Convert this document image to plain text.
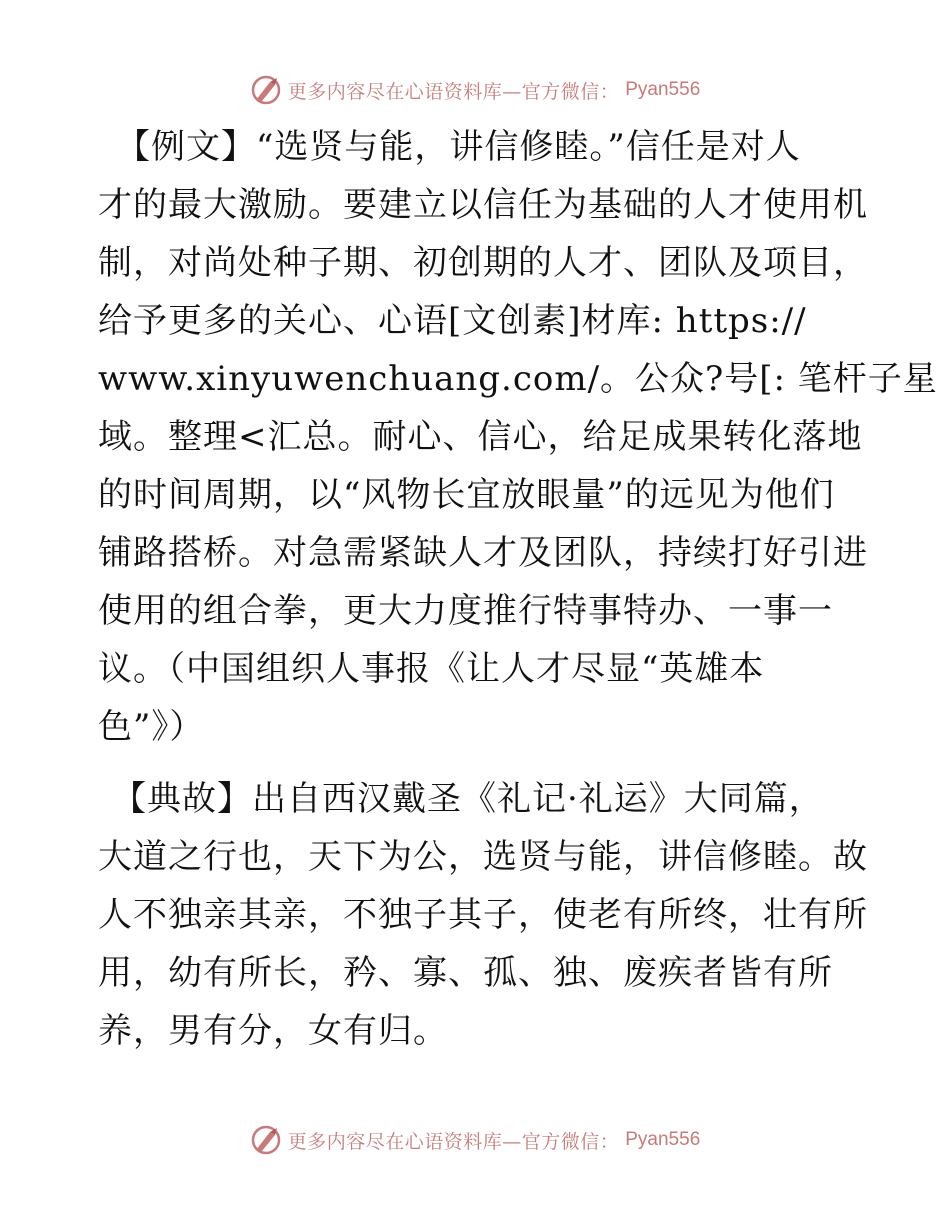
更多内容尽在心语资料库—官方微信： Pyan556

【例文】“选贤与能，讲信修睦。”信任是对人
才的最大激励。要建立以信任为基础的人才使用机
制，对尚处种子期、初创期的人才、团队及项目，
给予更多的关心、心语[文创素]材库: https://
www.xinyuwenchuang.com/。公众?号[: 笔杆子星
域。整理<汇总。耐心、信心，给足成果转化落地
的时间周期，以“风物长宜放眼量”的远见为他们
铺路搭桥。对急需紧缺人才及团队，持续打好引进
使用的组合拳，更大力度推行特事特办、一事一
议。（中国组织人事报《让人才尽显“英雄本
色”》）

【典故】出自西汉戴圣《礼记·礼运》大同篇，
大道之行也，天下为公，选贤与能，讲信修睦。故
人不独亲其亲，不独子其子，使老有所终，壮有所
用，幼有所长，矜、寡、孤、独、废疾者皆有所
养，男有分，女有归。

更多内容尽在心语资料库—官方微信： Pyan556
